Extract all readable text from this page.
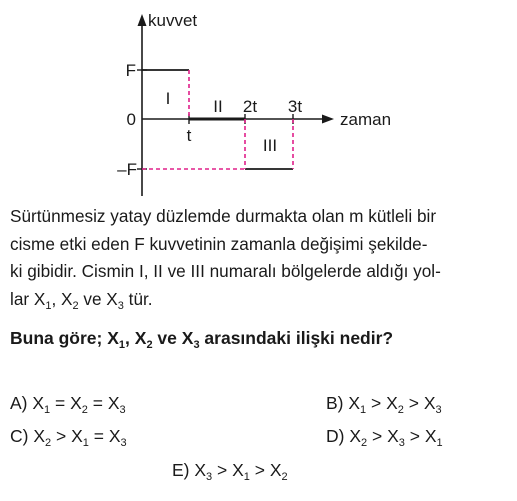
kuvvet
zaman
F
0
–F
t
2t 3t
I	II
III
Sürtünmesiz yatay düzlemde durmakta olan m kütleli bir
cisme etki eden F kuvvetinin zamanla değişimi şekilde-
ki gibidir. Cismin I, II ve III numaralı bölgelerde aldığı yol-
lar $X_1$, $X_2$ ve $X_3$ tür.
Buna göre; $X_1$, $X_2$ ve $X_3$ arasındaki ilişki nedir?
A) $X_1 = X_2 = X_3$	B) $X_1 > X_2 > X_3$
C) $X_2 > X_1 = X_3$	D) $X_2 > X_3 > X_1$
E) $X_3 > X_1 > X_2$
